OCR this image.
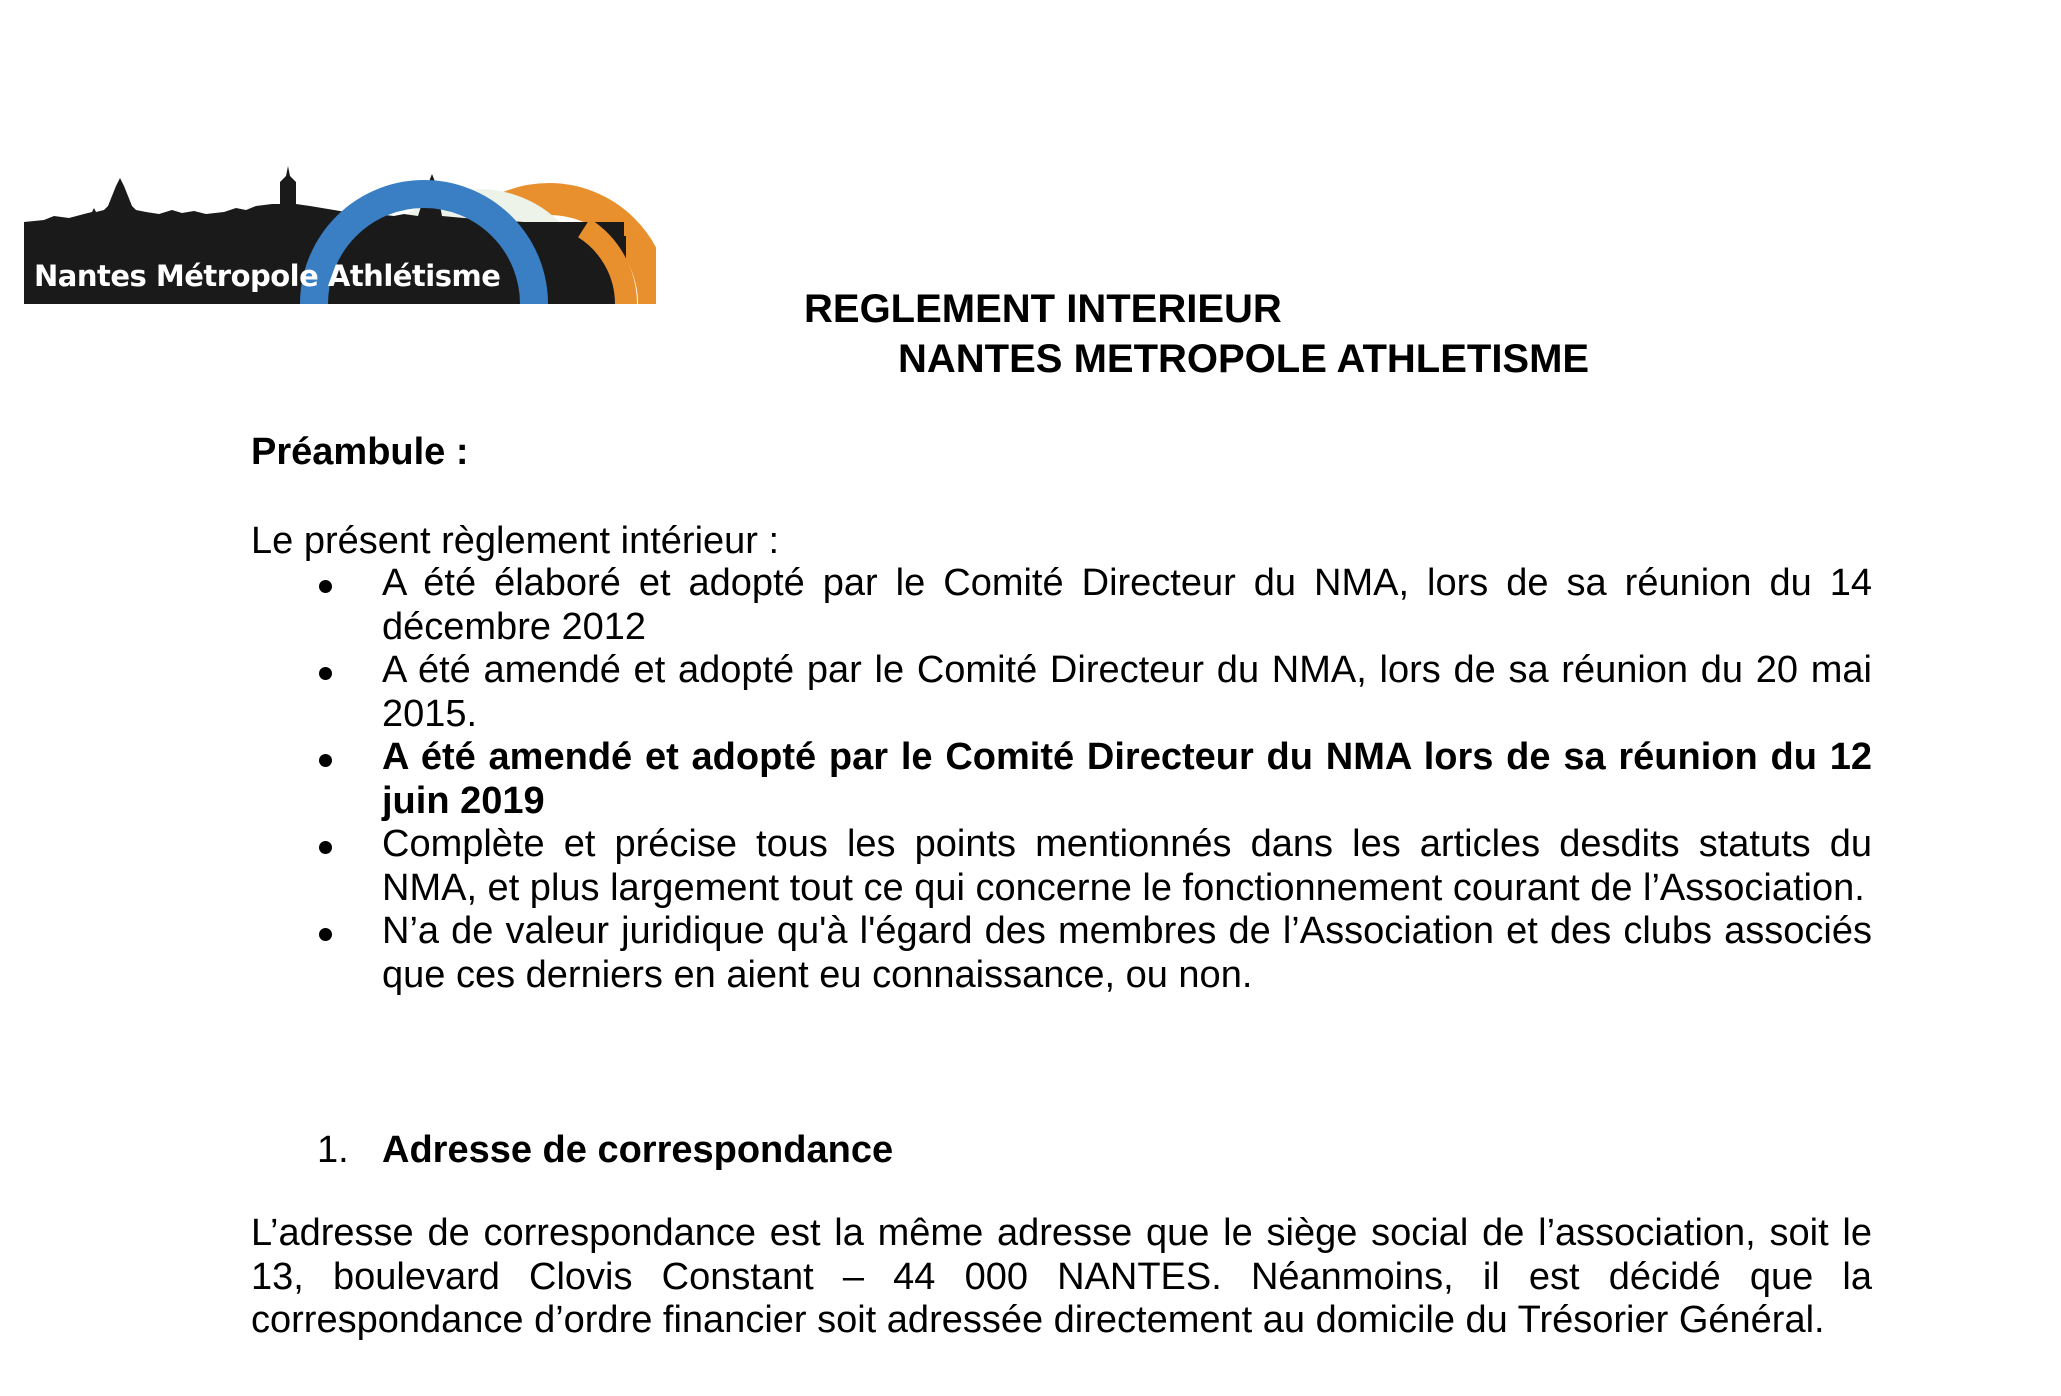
Nantes Métropole Athlétisme
REGLEMENT INTERIEUR
NANTES METROPOLE ATHLETISME
Préambule :
Le présent règlement intérieur :
A été élaboré et adopté par le Comité Directeur du NMA, lors de sa réunion du 14 décembre 2012
A été amendé et adopté par le Comité Directeur du NMA, lors de sa réunion du 20 mai 2015.
A été amendé et adopté par le Comité Directeur du NMA lors de sa réunion du 12 juin 2019
Complète et précise tous les points mentionnés dans les articles desdits statuts du NMA, et plus largement tout ce qui concerne le fonctionnement courant de l’Association.
N’a de valeur juridique qu'à l'égard des membres de l’Association et des clubs associés que ces derniers en aient eu connaissance, ou non.
1. Adresse de correspondance
L’adresse de correspondance est la même adresse que le siège social de l’association, soit le 13, boulevard Clovis Constant – 44 000 NANTES. Néanmoins, il est décidé que la correspondance d’ordre financier soit adressée directement au domicile du Trésorier Général.
